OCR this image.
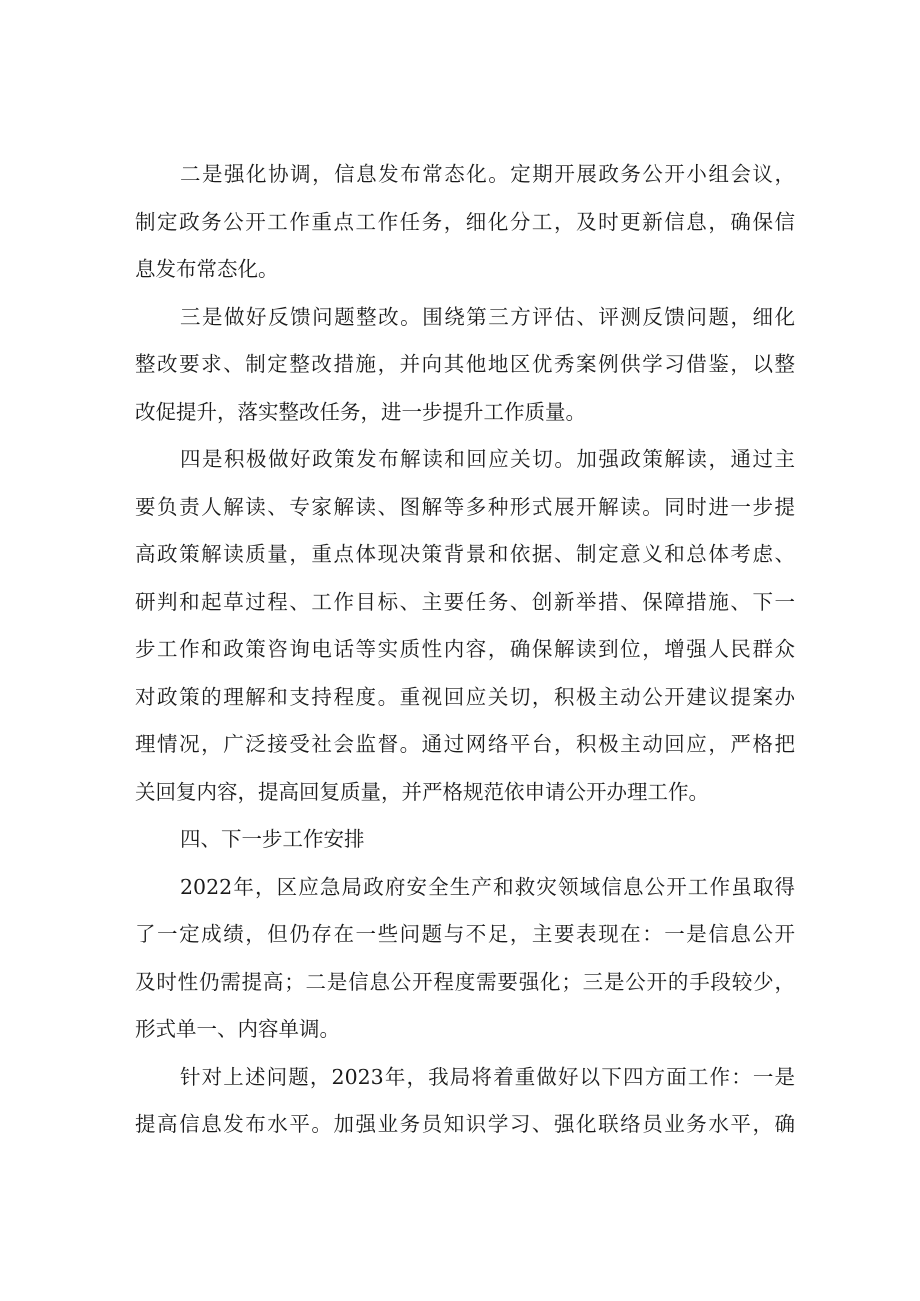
二是强化协调，信息发布常态化。定期开展政务公开小组会议，
制定政务公开工作重点工作任务，细化分工，及时更新信息，确保信
息发布常态化。
三是做好反馈问题整改。围绕第三方评估、评测反馈问题，细化
整改要求、制定整改措施，并向其他地区优秀案例供学习借鉴，以整
改促提升，落实整改任务，进一步提升工作质量。
四是积极做好政策发布解读和回应关切。加强政策解读，通过主
要负责人解读、专家解读、图解等多种形式展开解读。同时进一步提
高政策解读质量，重点体现决策背景和依据、制定意义和总体考虑、
研判和起草过程、工作目标、主要任务、创新举措、保障措施、下一
步工作和政策咨询电话等实质性内容，确保解读到位，增强人民群众
对政策的理解和支持程度。重视回应关切，积极主动公开建议提案办
理情况，广泛接受社会监督。通过网络平台，积极主动回应，严格把
关回复内容，提高回复质量，并严格规范依申请公开办理工作。
四、下一步工作安排
2022年，区应急局政府安全生产和救灾领域信息公开工作虽取得
了一定成绩，但仍存在一些问题与不足，主要表现在：一是信息公开
及时性仍需提高；二是信息公开程度需要强化；三是公开的手段较少，
形式单一、内容单调。
针对上述问题，2023年，我局将着重做好以下四方面工作：一是
提高信息发布水平。加强业务员知识学习、强化联络员业务水平，确
